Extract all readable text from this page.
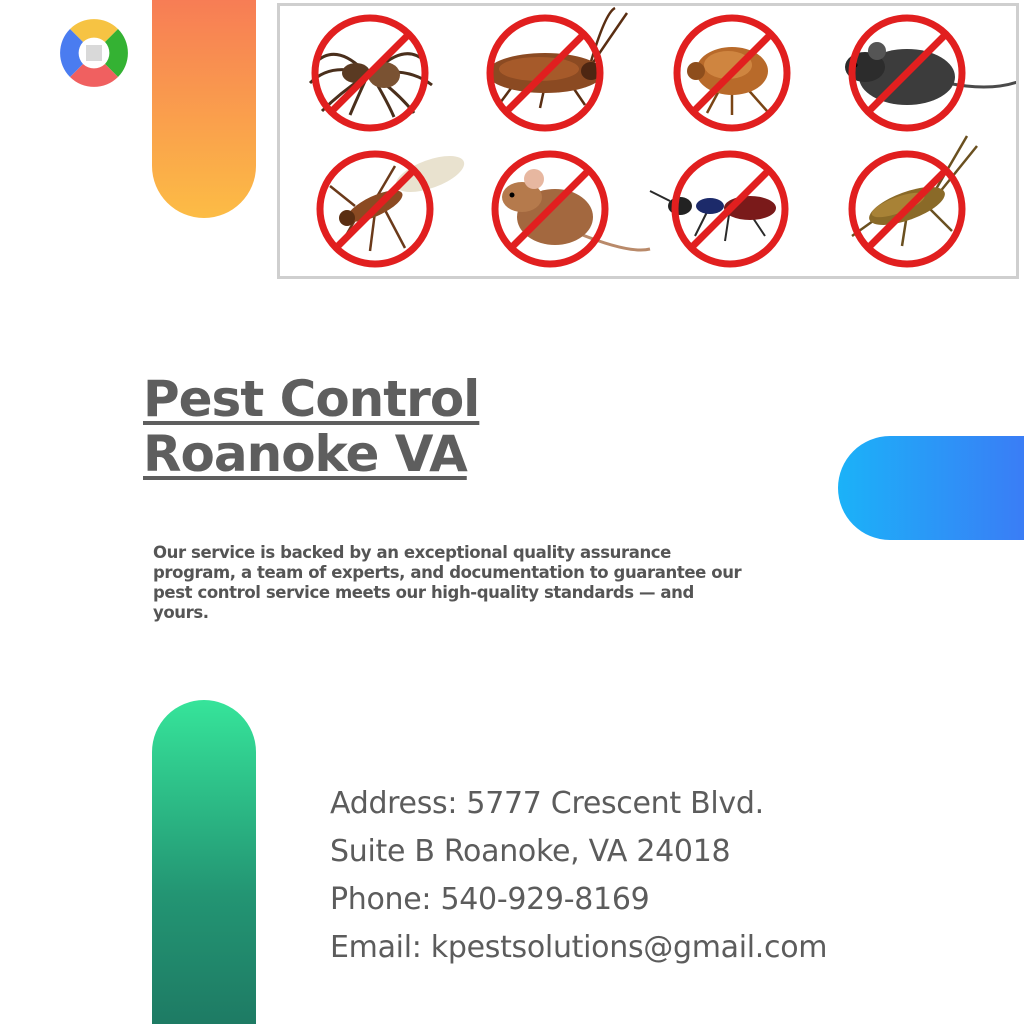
Pest Control
Roanoke VA

Our service is backed by an exceptional quality assurance program, a team of experts, and documentation to guarantee our pest control service meets our high-quality standards — and yours.

Address: 5777 Crescent Blvd.
Suite B Roanoke, VA 24018
Phone: 540-929-8169
Email: kpestsolutions@gmail.com
